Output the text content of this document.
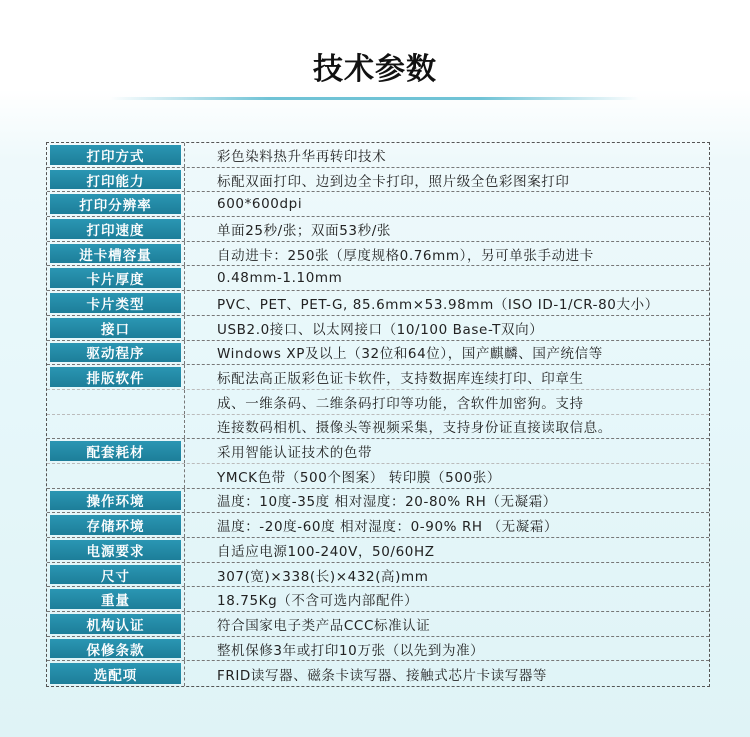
技术参数
打印方式	彩色染料热升华再转印技术
打印能力	标配双面打印、边到边全卡打印，照片级全色彩图案打印
打印分辨率	600*600dpi
打印速度	单面25秒/张；双面53秒/张
进卡槽容量	自动进卡：250张（厚度规格0.76mm），另可单张手动进卡
卡片厚度	0.48mm-1.10mm
卡片类型	PVC、PET、PET-G, 85.6mm×53.98mm（ISO ID-1/CR-80大小）
接口	USB2.0接口、以太网接口（10/100 Base-T双向）
驱动程序	Windows XP及以上（32位和64位），国产麒麟、国产统信等
排版软件	标配法高正版彩色证卡软件，支持数据库连续打印、印章生
成、一维条码、二维条码打印等功能，含软件加密狗。支持
连接数码相机、摄像头等视频采集，支持身份证直接读取信息。
配套耗材	采用智能认证技术的色带
YMCK色带（500个图案） 转印膜（500张）
操作环境	温度：10度-35度 相对湿度：20-80% RH（无凝霜）
存储环境	温度：-20度-60度 相对湿度：0-90% RH （无凝霜）
电源要求	自适应电源100-240V，50/60HZ
尺寸	307(宽)×338(长)×432(高)mm
重量	18.75Kg（不含可选内部配件）
机构认证	符合国家电子类产品CCC标准认证
保修条款	整机保修3年或打印10万张（以先到为准）
选配项	FRID读写器、磁条卡读写器、接触式芯片卡读写器等
